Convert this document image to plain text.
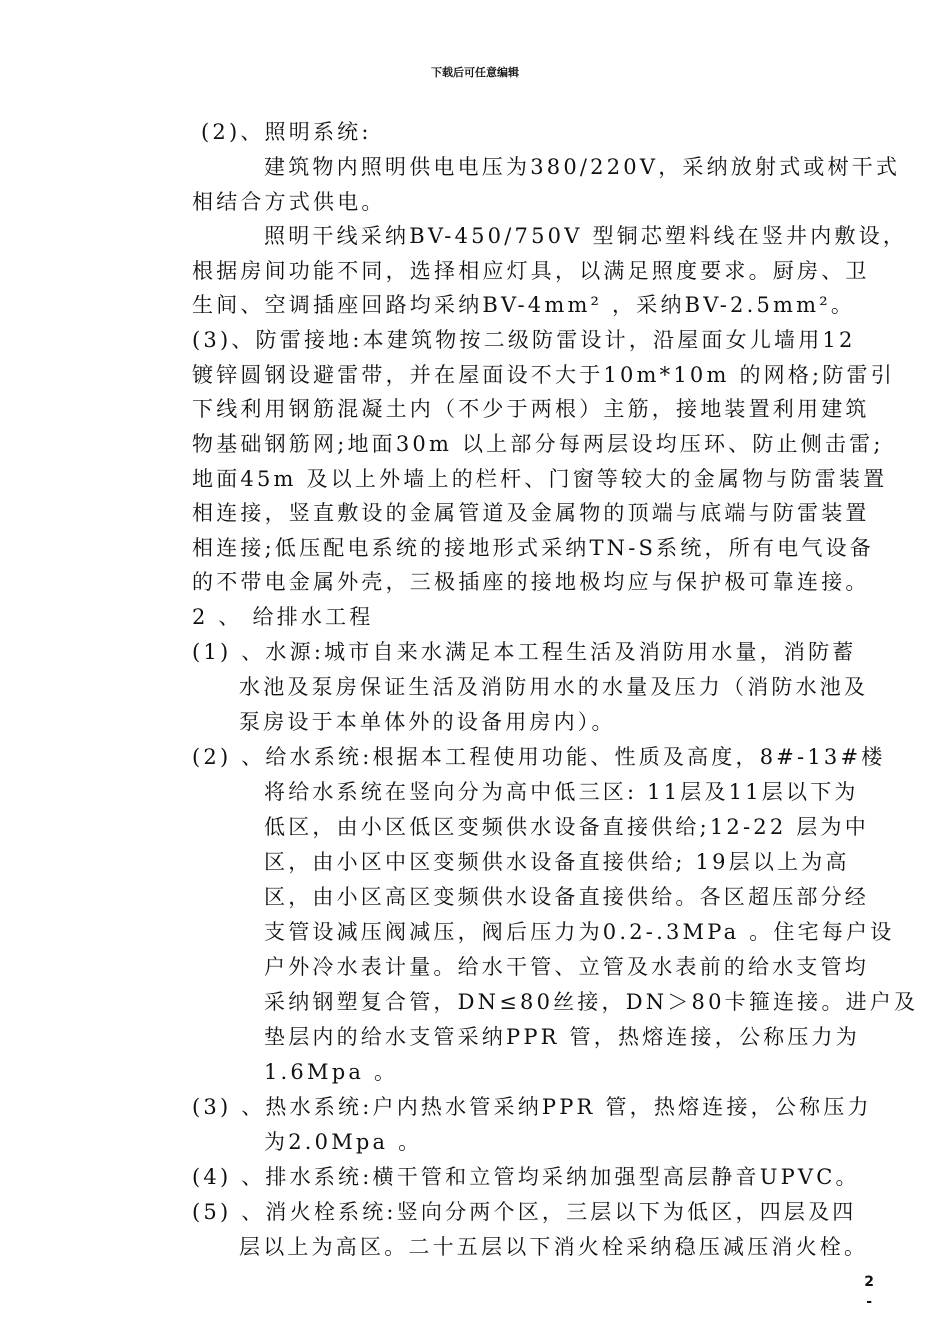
下载后可任意编辑
(2)、照明系统:
建筑物内照明供电电压为380/220V，采纳放射式或树干式
相结合方式供电。
照明干线采纳BV-450/750V 型铜芯塑料线在竖井内敷设，
根据房间功能不同，选择相应灯具，以满足照度要求。厨房、卫
生间、空调插座回路均采纳BV-4mm² ，采纳BV-2.5mm²。
(3)、防雷接地:本建筑物按二级防雷设计，沿屋面女儿墙用12
镀锌圆钢设避雷带，并在屋面设不大于10m*10m 的网格;防雷引
下线利用钢筋混凝土内（不少于两根）主筋，接地装置利用建筑
物基础钢筋网;地面30m 以上部分每两层设均压环、防止侧击雷;
地面45m 及以上外墙上的栏杆、门窗等较大的金属物与防雷装置
相连接，竖直敷设的金属管道及金属物的顶端与底端与防雷装置
相连接;低压配电系统的接地形式采纳TN-S系统，所有电气设备
的不带电金属外壳，三极插座的接地极均应与保护极可靠连接。
2 、 给排水工程
(1) 、水源:城市自来水满足本工程生活及消防用水量，消防蓄
水池及泵房保证生活及消防用水的水量及压力（消防水池及
泵房设于本单体外的设备用房内）。
(2) 、给水系统:根据本工程使用功能、性质及高度，8#-13#楼
将给水系统在竖向分为高中低三区: 11层及11层以下为
低区，由小区低区变频供水设备直接供给;12-22 层为中
区，由小区中区变频供水设备直接供给; 19层以上为高
区，由小区高区变频供水设备直接供给。各区超压部分经
支管设减压阀减压，阀后压力为0.2-.3MPa 。住宅每户设
户外冷水表计量。给水干管、立管及水表前的给水支管均
采纳钢塑复合管，DN≤80丝接，DN＞80卡箍连接。进户及
垫层内的给水支管采纳PPR 管，热熔连接，公称压力为
1.6Mpa 。
(3) 、热水系统:户内热水管采纳PPR 管，热熔连接，公称压力
为2.0Mpa 。
(4) 、排水系统:横干管和立管均采纳加强型高层静音UPVC。
(5) 、消火栓系统:竖向分两个区，三层以下为低区，四层及四
层以上为高区。二十五层以下消火栓采纳稳压减压消火栓。
2
-
